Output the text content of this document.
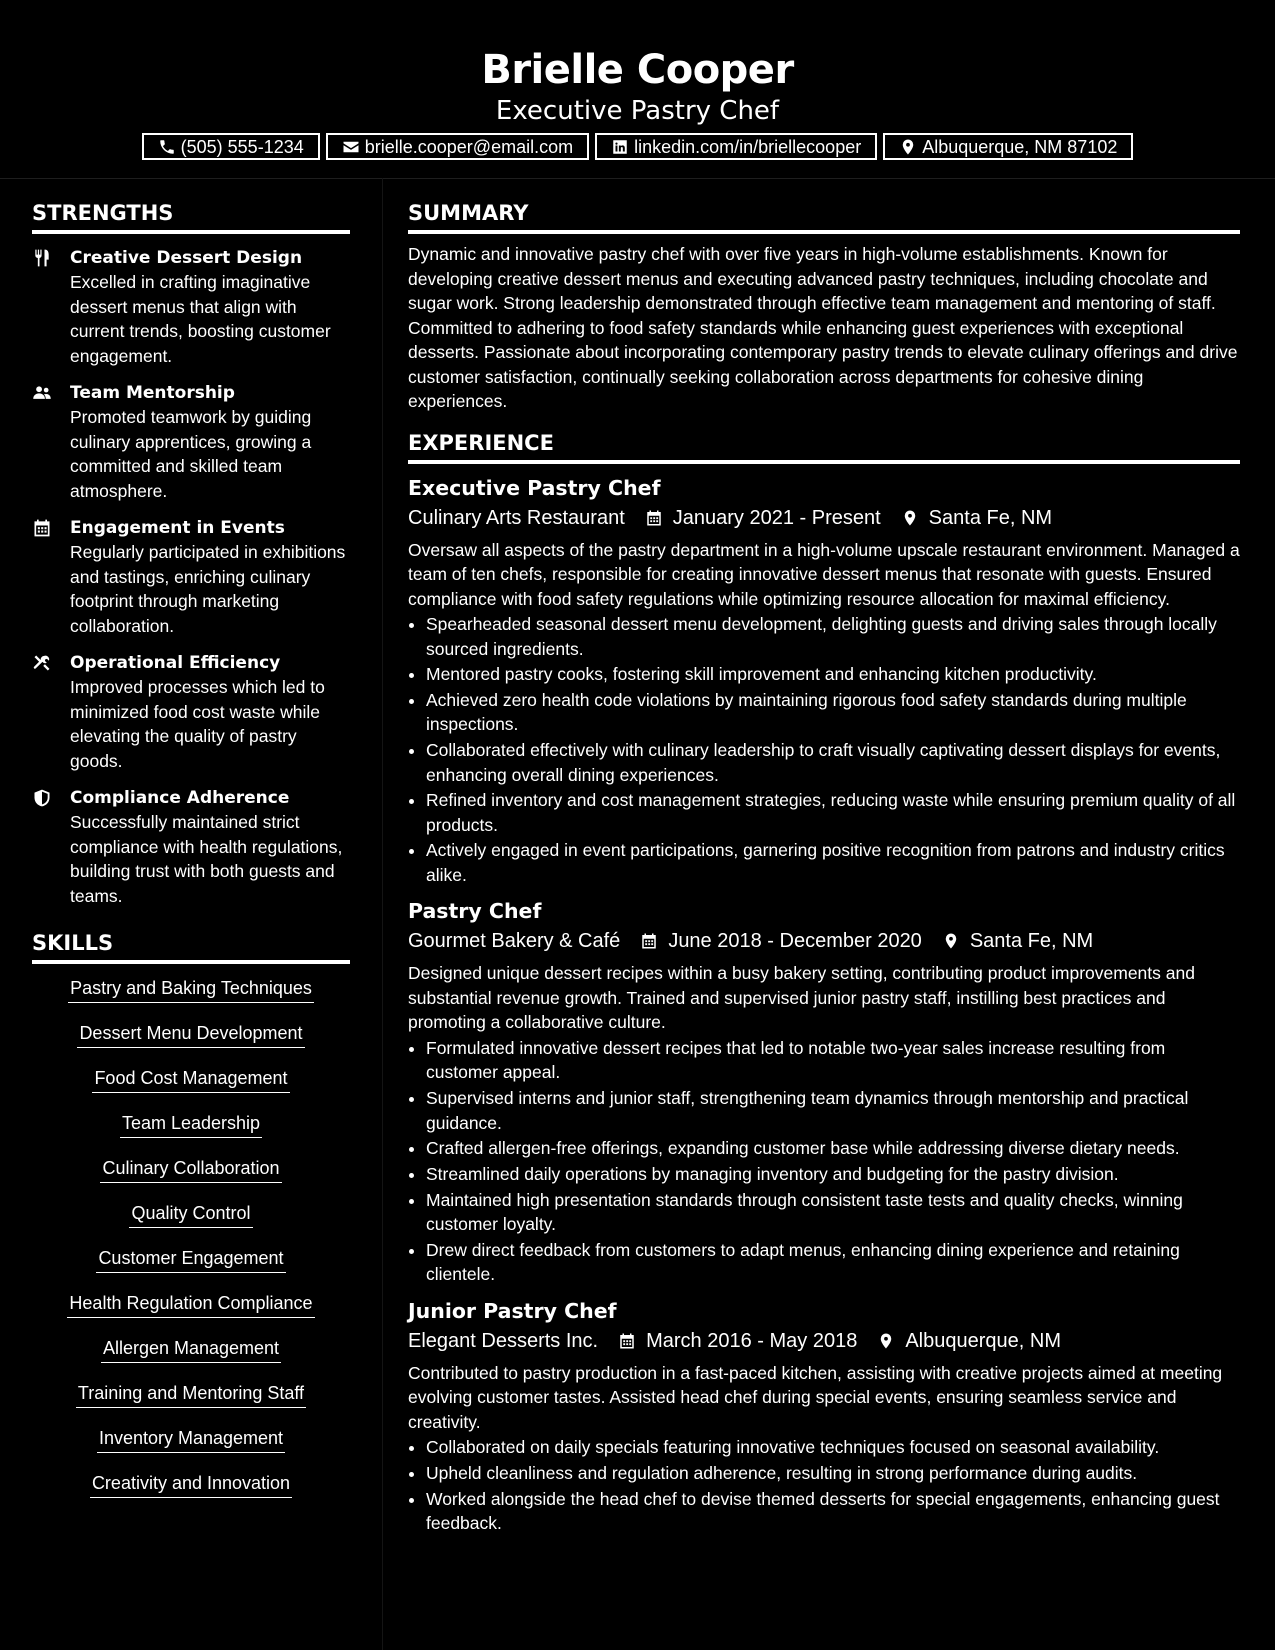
Brielle Cooper
Executive Pastry Chef
(505) 555-1234	brielle.cooper@email.com	linkedin.com/in/briellecooper	Albuquerque, NM 87102
STRENGTHS
Creative Dessert Design
Excelled in crafting imaginative dessert menus that align with current trends, boosting customer engagement.
Team Mentorship
Promoted teamwork by guiding culinary apprentices, growing a committed and skilled team atmosphere.
Engagement in Events
Regularly participated in exhibitions and tastings, enriching culinary footprint through marketing collaboration.
Operational Efficiency
Improved processes which led to minimized food cost waste while elevating the quality of pastry goods.
Compliance Adherence
Successfully maintained strict compliance with health regulations, building trust with both guests and teams.
SKILLS
Pastry and Baking Techniques
Dessert Menu Development
Food Cost Management
Team Leadership
Culinary Collaboration
Quality Control
Customer Engagement
Health Regulation Compliance
Allergen Management
Training and Mentoring Staff
Inventory Management
Creativity and Innovation
SUMMARY
Dynamic and innovative pastry chef with over five years in high-volume establishments. Known for developing creative dessert menus and executing advanced pastry techniques, including chocolate and sugar work. Strong leadership demonstrated through effective team management and mentoring of staff. Committed to adhering to food safety standards while enhancing guest experiences with exceptional desserts. Passionate about incorporating contemporary pastry trends to elevate culinary offerings and drive customer satisfaction, continually seeking collaboration across departments for cohesive dining experiences.
EXPERIENCE
Executive Pastry Chef
Culinary Arts Restaurant January 2021 - Present Santa Fe, NM
Oversaw all aspects of the pastry department in a high-volume upscale restaurant environment. Managed a team of ten chefs, responsible for creating innovative dessert menus that resonate with guests. Ensured compliance with food safety regulations while optimizing resource allocation for maximal efficiency.
• Spearheaded seasonal dessert menu development, delighting guests and driving sales through locally sourced ingredients.
• Mentored pastry cooks, fostering skill improvement and enhancing kitchen productivity.
• Achieved zero health code violations by maintaining rigorous food safety standards during multiple inspections.
• Collaborated effectively with culinary leadership to craft visually captivating dessert displays for events, enhancing overall dining experiences.
• Refined inventory and cost management strategies, reducing waste while ensuring premium quality of all products.
• Actively engaged in event participations, garnering positive recognition from patrons and industry critics alike.
Pastry Chef
Gourmet Bakery & Café June 2018 - December 2020 Santa Fe, NM
Designed unique dessert recipes within a busy bakery setting, contributing product improvements and substantial revenue growth. Trained and supervised junior pastry staff, instilling best practices and promoting a collaborative culture.
• Formulated innovative dessert recipes that led to notable two-year sales increase resulting from customer appeal.
• Supervised interns and junior staff, strengthening team dynamics through mentorship and practical guidance.
• Crafted allergen-free offerings, expanding customer base while addressing diverse dietary needs.
• Streamlined daily operations by managing inventory and budgeting for the pastry division.
• Maintained high presentation standards through consistent taste tests and quality checks, winning customer loyalty.
• Drew direct feedback from customers to adapt menus, enhancing dining experience and retaining clientele.
Junior Pastry Chef
Elegant Desserts Inc. March 2016 - May 2018 Albuquerque, NM
Contributed to pastry production in a fast-paced kitchen, assisting with creative projects aimed at meeting evolving customer tastes. Assisted head chef during special events, ensuring seamless service and creativity.
• Collaborated on daily specials featuring innovative techniques focused on seasonal availability.
• Upheld cleanliness and regulation adherence, resulting in strong performance during audits.
• Worked alongside the head chef to devise themed desserts for special engagements, enhancing guest feedback.
